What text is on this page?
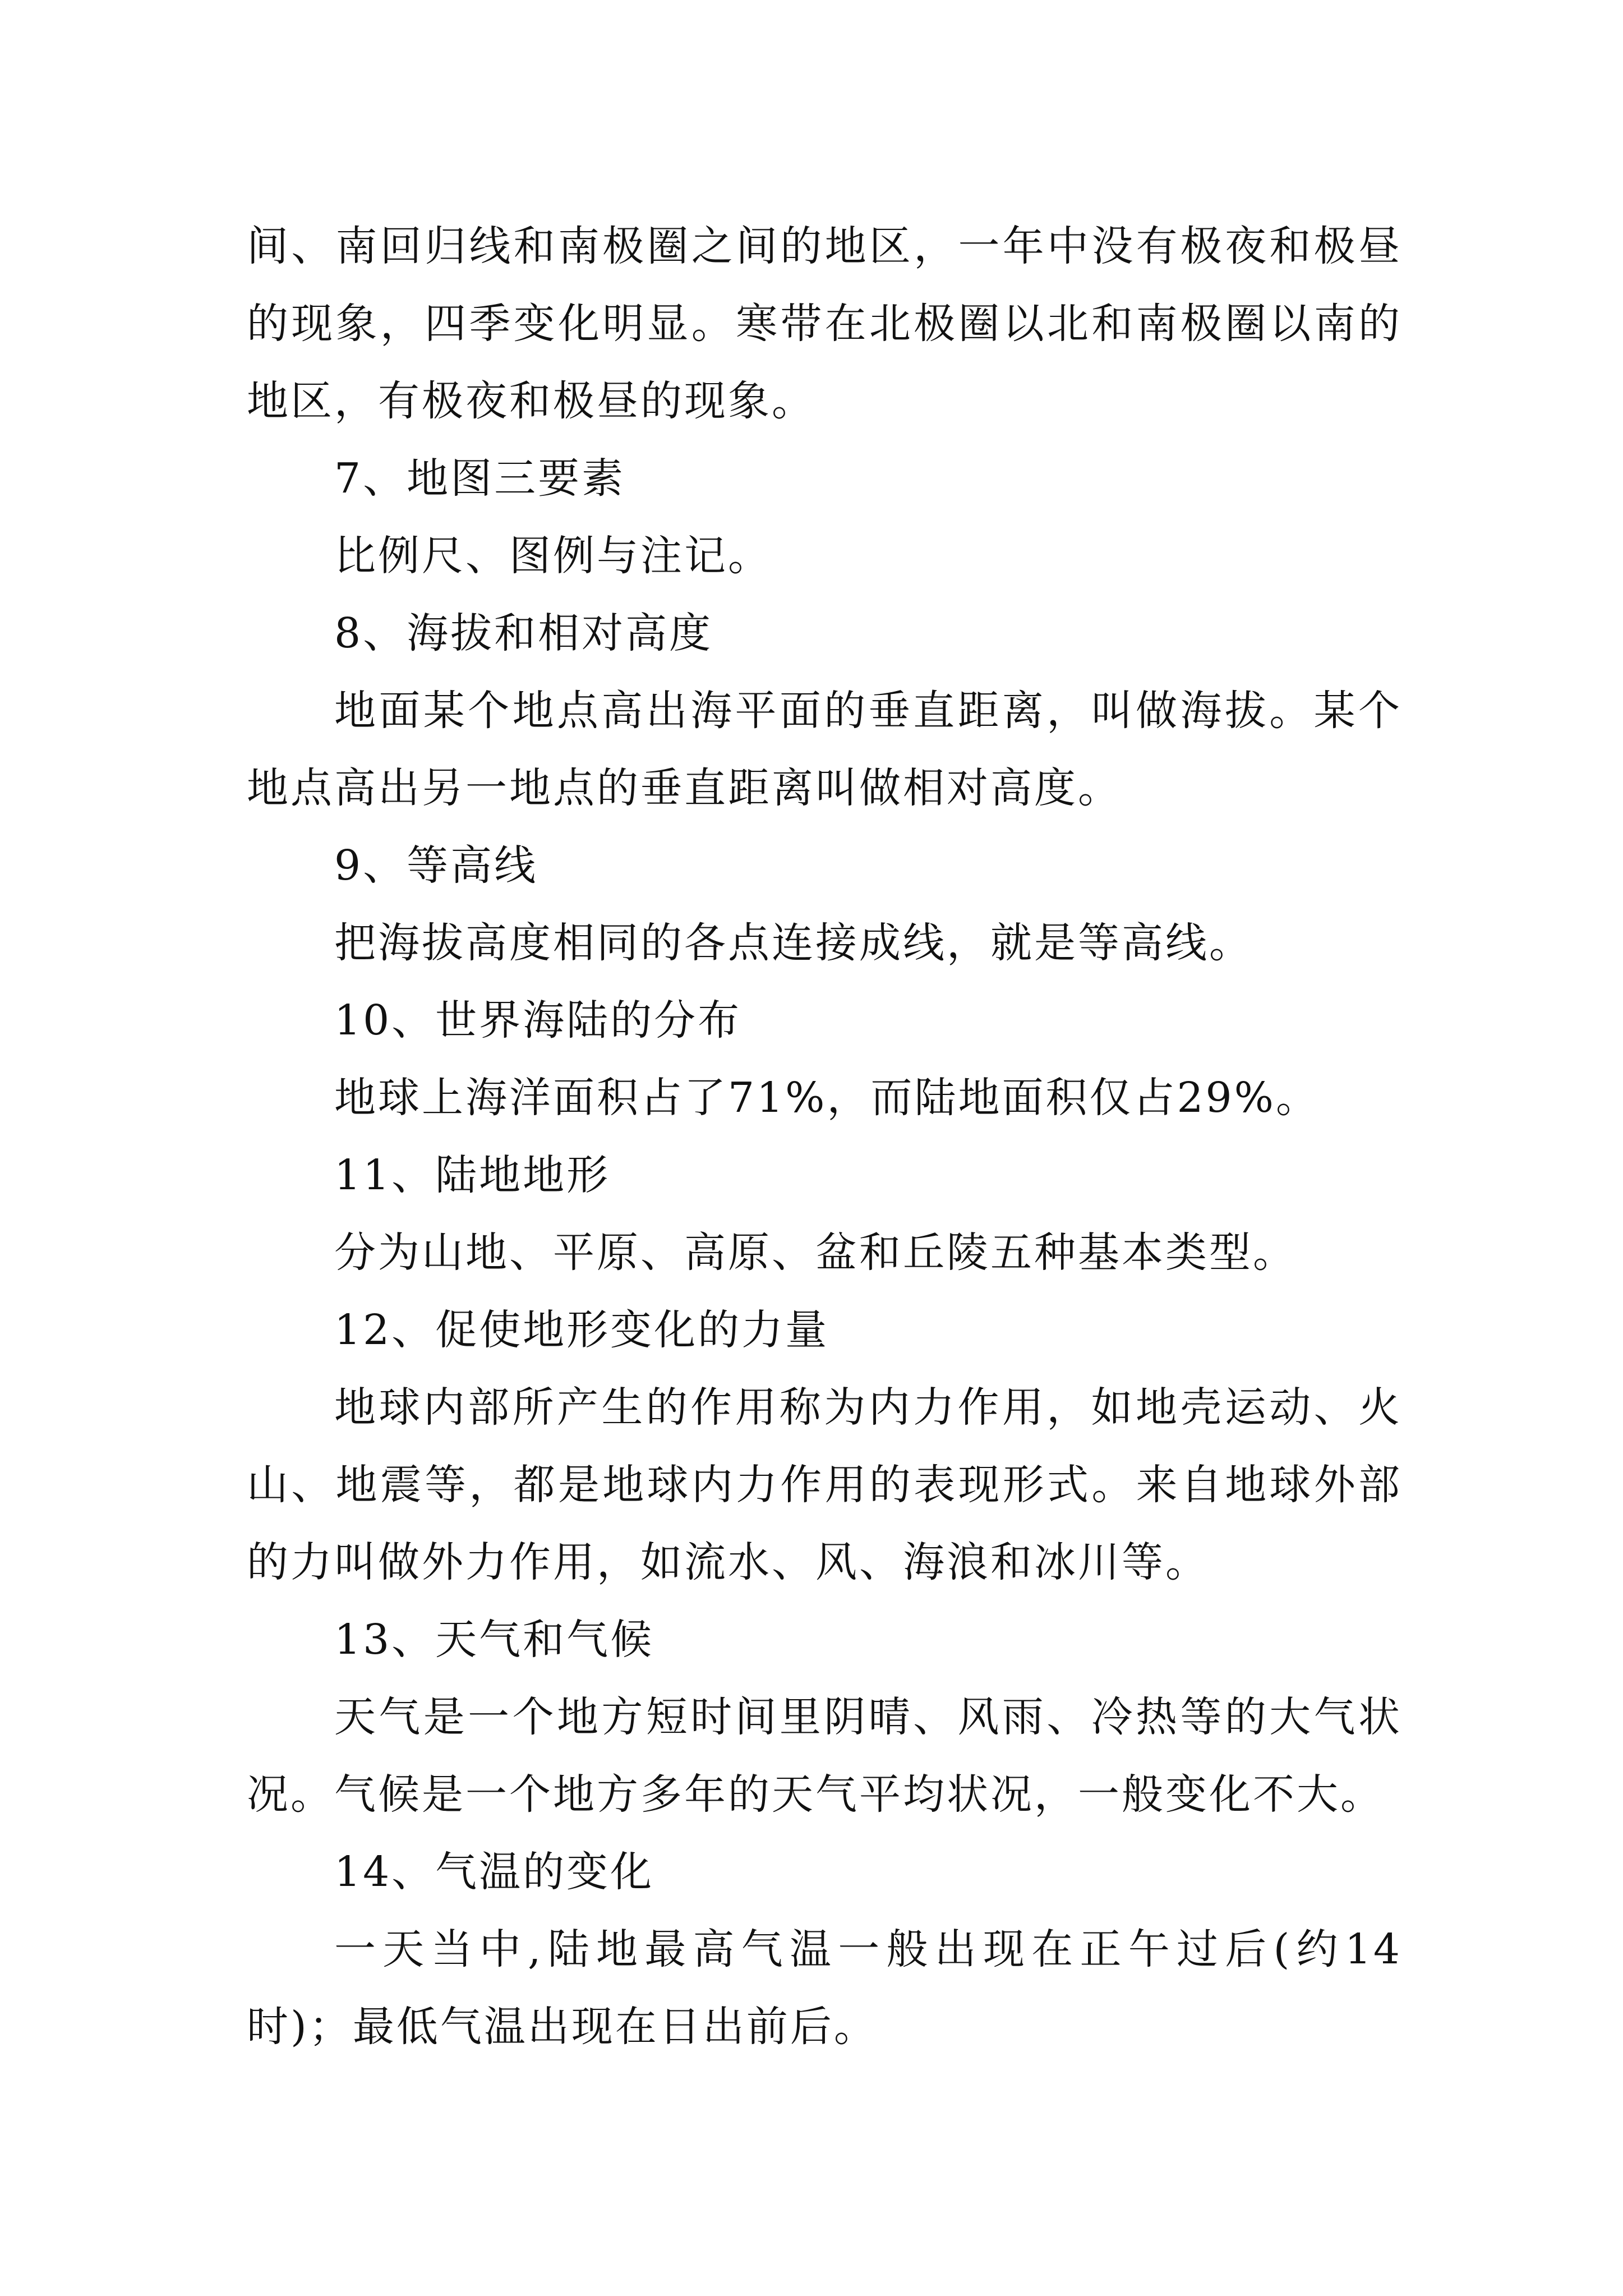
间、南回归线和南极圈之间的地区，一年中没有极夜和极昼的现象，四季变化明显。寒带在北极圈以北和南极圈以南的地区，有极夜和极昼的现象。

7、地图三要素

比例尺、图例与注记。

8、海拔和相对高度

地面某个地点高出海平面的垂直距离，叫做海拔。某个地点高出另一地点的垂直距离叫做相对高度。

9、等高线

把海拔高度相同的各点连接成线，就是等高线。

10、世界海陆的分布

地球上海洋面积占了71%，而陆地面积仅占29%。

11、陆地地形

分为山地、平原、高原、盆和丘陵五种基本类型。

12、促使地形变化的力量

地球内部所产生的作用称为内力作用，如地壳运动、火山、地震等，都是地球内力作用的表现形式。来自地球外部的力叫做外力作用，如流水、风、海浪和冰川等。

13、天气和气候

天气是一个地方短时间里阴晴、风雨、冷热等的大气状况。气候是一个地方多年的天气平均状况，一般变化不大。

14、气温的变化

一天当中,陆地最高气温一般出现在正午过后(约14时)；最低气温出现在日出前后。
